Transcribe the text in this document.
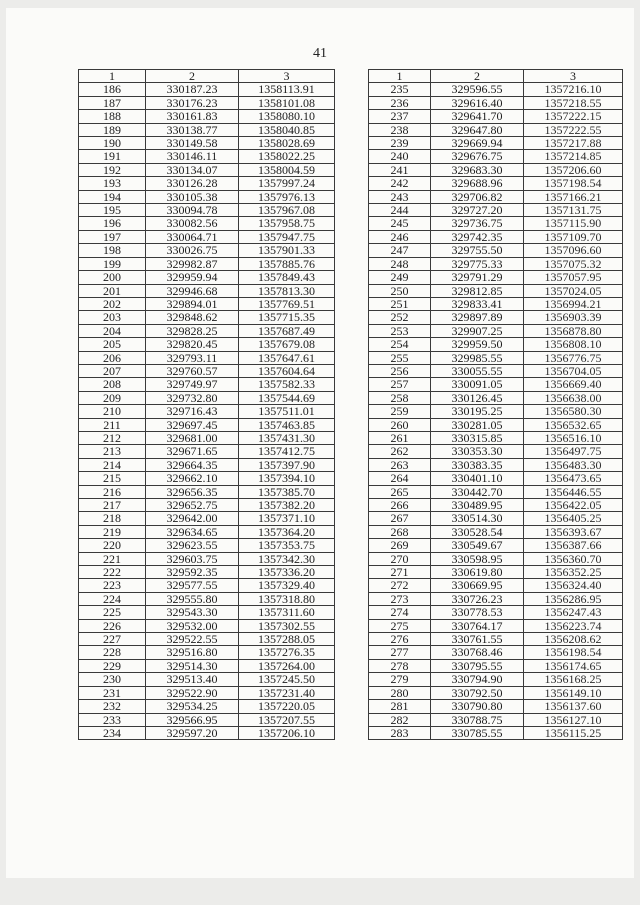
41
1	2	3
186	330187.23	1358113.91
187	330176.23	1358101.08
188	330161.83	1358080.10
189	330138.77	1358040.85
190	330149.58	1358028.69
191	330146.11	1358022.25
192	330134.07	1358004.59
193	330126.28	1357997.24
194	330105.38	1357976.13
195	330094.78	1357967.08
196	330082.56	1357958.75
197	330064.71	1357947.75
198	330026.75	1357901.33
199	329982.87	1357885.76
200	329959.94	1357849.43
201	329946.68	1357813.30
202	329894.01	1357769.51
203	329848.62	1357715.35
204	329828.25	1357687.49
205	329820.45	1357679.08
206	329793.11	1357647.61
207	329760.57	1357604.64
208	329749.97	1357582.33
209	329732.80	1357544.69
210	329716.43	1357511.01
211	329697.45	1357463.85
212	329681.00	1357431.30
213	329671.65	1357412.75
214	329664.35	1357397.90
215	329662.10	1357394.10
216	329656.35	1357385.70
217	329652.75	1357382.20
218	329642.00	1357371.10
219	329634.65	1357364.20
220	329623.55	1357353.75
221	329603.75	1357342.30
222	329592.35	1357336.20
223	329577.55	1357329.40
224	329555.80	1357318.80
225	329543.30	1357311.60
226	329532.00	1357302.55
227	329522.55	1357288.05
228	329516.80	1357276.35
229	329514.30	1357264.00
230	329513.40	1357245.50
231	329522.90	1357231.40
232	329534.25	1357220.05
233	329566.95	1357207.55
234	329597.20	1357206.10
1	2	3
235	329596.55	1357216.10
236	329616.40	1357218.55
237	329641.70	1357222.15
238	329647.80	1357222.55
239	329669.94	1357217.88
240	329676.75	1357214.85
241	329683.30	1357206.60
242	329688.96	1357198.54
243	329706.82	1357166.21
244	329727.20	1357131.75
245	329736.75	1357115.90
246	329742.35	1357109.70
247	329755.50	1357096.60
248	329775.33	1357075.32
249	329791.29	1357057.95
250	329812.85	1357024.05
251	329833.41	1356994.21
252	329897.89	1356903.39
253	329907.25	1356878.80
254	329959.50	1356808.10
255	329985.55	1356776.75
256	330055.55	1356704.05
257	330091.05	1356669.40
258	330126.45	1356638.00
259	330195.25	1356580.30
260	330281.05	1356532.65
261	330315.85	1356516.10
262	330353.30	1356497.75
263	330383.35	1356483.30
264	330401.10	1356473.65
265	330442.70	1356446.55
266	330489.95	1356422.05
267	330514.30	1356405.25
268	330528.54	1356393.67
269	330549.67	1356387.66
270	330598.95	1356360.70
271	330619.80	1356352.25
272	330669.95	1356324.40
273	330726.23	1356286.95
274	330778.53	1356247.43
275	330764.17	1356223.74
276	330761.55	1356208.62
277	330768.46	1356198.54
278	330795.55	1356174.65
279	330794.90	1356168.25
280	330792.50	1356149.10
281	330790.80	1356137.60
282	330788.75	1356127.10
283	330785.55	1356115.25
